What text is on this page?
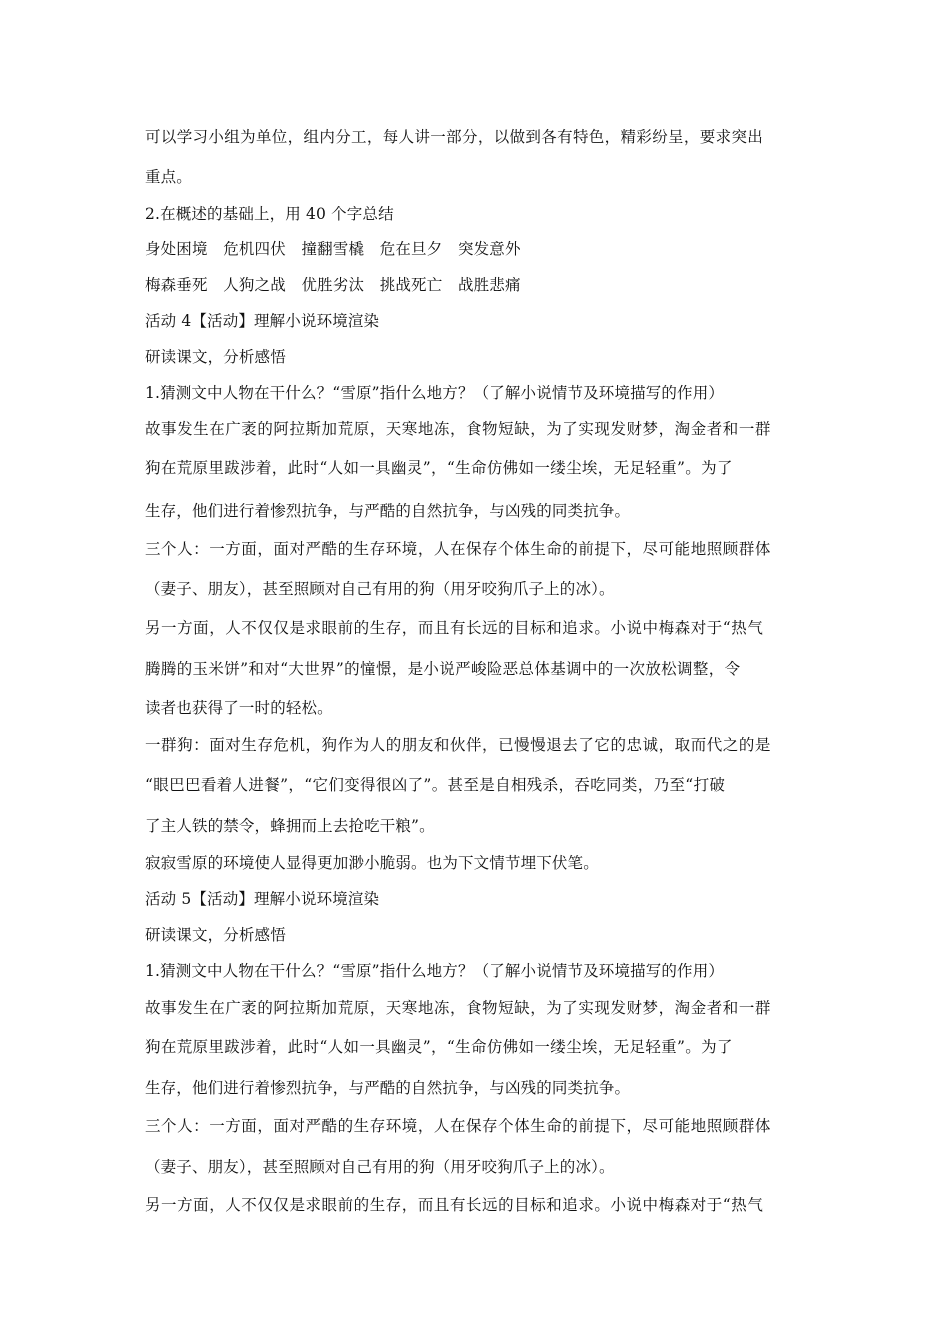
可以学习小组为单位，组内分工，每人讲一部分，以做到各有特色，精彩纷呈，要求突出
重点。
2.在概述的基础上，用 40 个字总结
身处困境　危机四伏　撞翻雪橇　危在旦夕　突发意外
梅森垂死　人狗之战　优胜劣汰　挑战死亡　战胜悲痛
活动 4【活动】理解小说环境渲染
研读课文，分析感悟
1.猜测文中人物在干什么？“雪原”指什么地方？（了解小说情节及环境描写的作用）
故事发生在广袤的阿拉斯加荒原，天寒地冻，食物短缺，为了实现发财梦，淘金者和一群
狗在荒原里跋涉着，此时“人如一具幽灵”，“生命仿佛如一缕尘埃，无足轻重”。为了
生存，他们进行着惨烈抗争，与严酷的自然抗争，与凶残的同类抗争。
三个人：一方面，面对严酷的生存环境，人在保存个体生命的前提下，尽可能地照顾群体
（妻子、朋友），甚至照顾对自己有用的狗（用牙咬狗爪子上的冰）。
另一方面，人不仅仅是求眼前的生存，而且有长远的目标和追求。小说中梅森对于“热气
腾腾的玉米饼”和对“大世界”的憧憬，是小说严峻险恶总体基调中的一次放松调整，令
读者也获得了一时的轻松。
一群狗：面对生存危机，狗作为人的朋友和伙伴，已慢慢退去了它的忠诚，取而代之的是
“眼巴巴看着人进餐”，“它们变得很凶了”。甚至是自相残杀，吞吃同类，乃至“打破
了主人铁的禁令，蜂拥而上去抢吃干粮”。
寂寂雪原的环境使人显得更加渺小脆弱。也为下文情节埋下伏笔。
活动 5【活动】理解小说环境渲染
研读课文，分析感悟
1.猜测文中人物在干什么？“雪原”指什么地方？（了解小说情节及环境描写的作用）
故事发生在广袤的阿拉斯加荒原，天寒地冻，食物短缺，为了实现发财梦，淘金者和一群
狗在荒原里跋涉着，此时“人如一具幽灵”，“生命仿佛如一缕尘埃，无足轻重”。为了
生存，他们进行着惨烈抗争，与严酷的自然抗争，与凶残的同类抗争。
三个人：一方面，面对严酷的生存环境，人在保存个体生命的前提下，尽可能地照顾群体
（妻子、朋友），甚至照顾对自己有用的狗（用牙咬狗爪子上的冰）。
另一方面，人不仅仅是求眼前的生存，而且有长远的目标和追求。小说中梅森对于“热气
